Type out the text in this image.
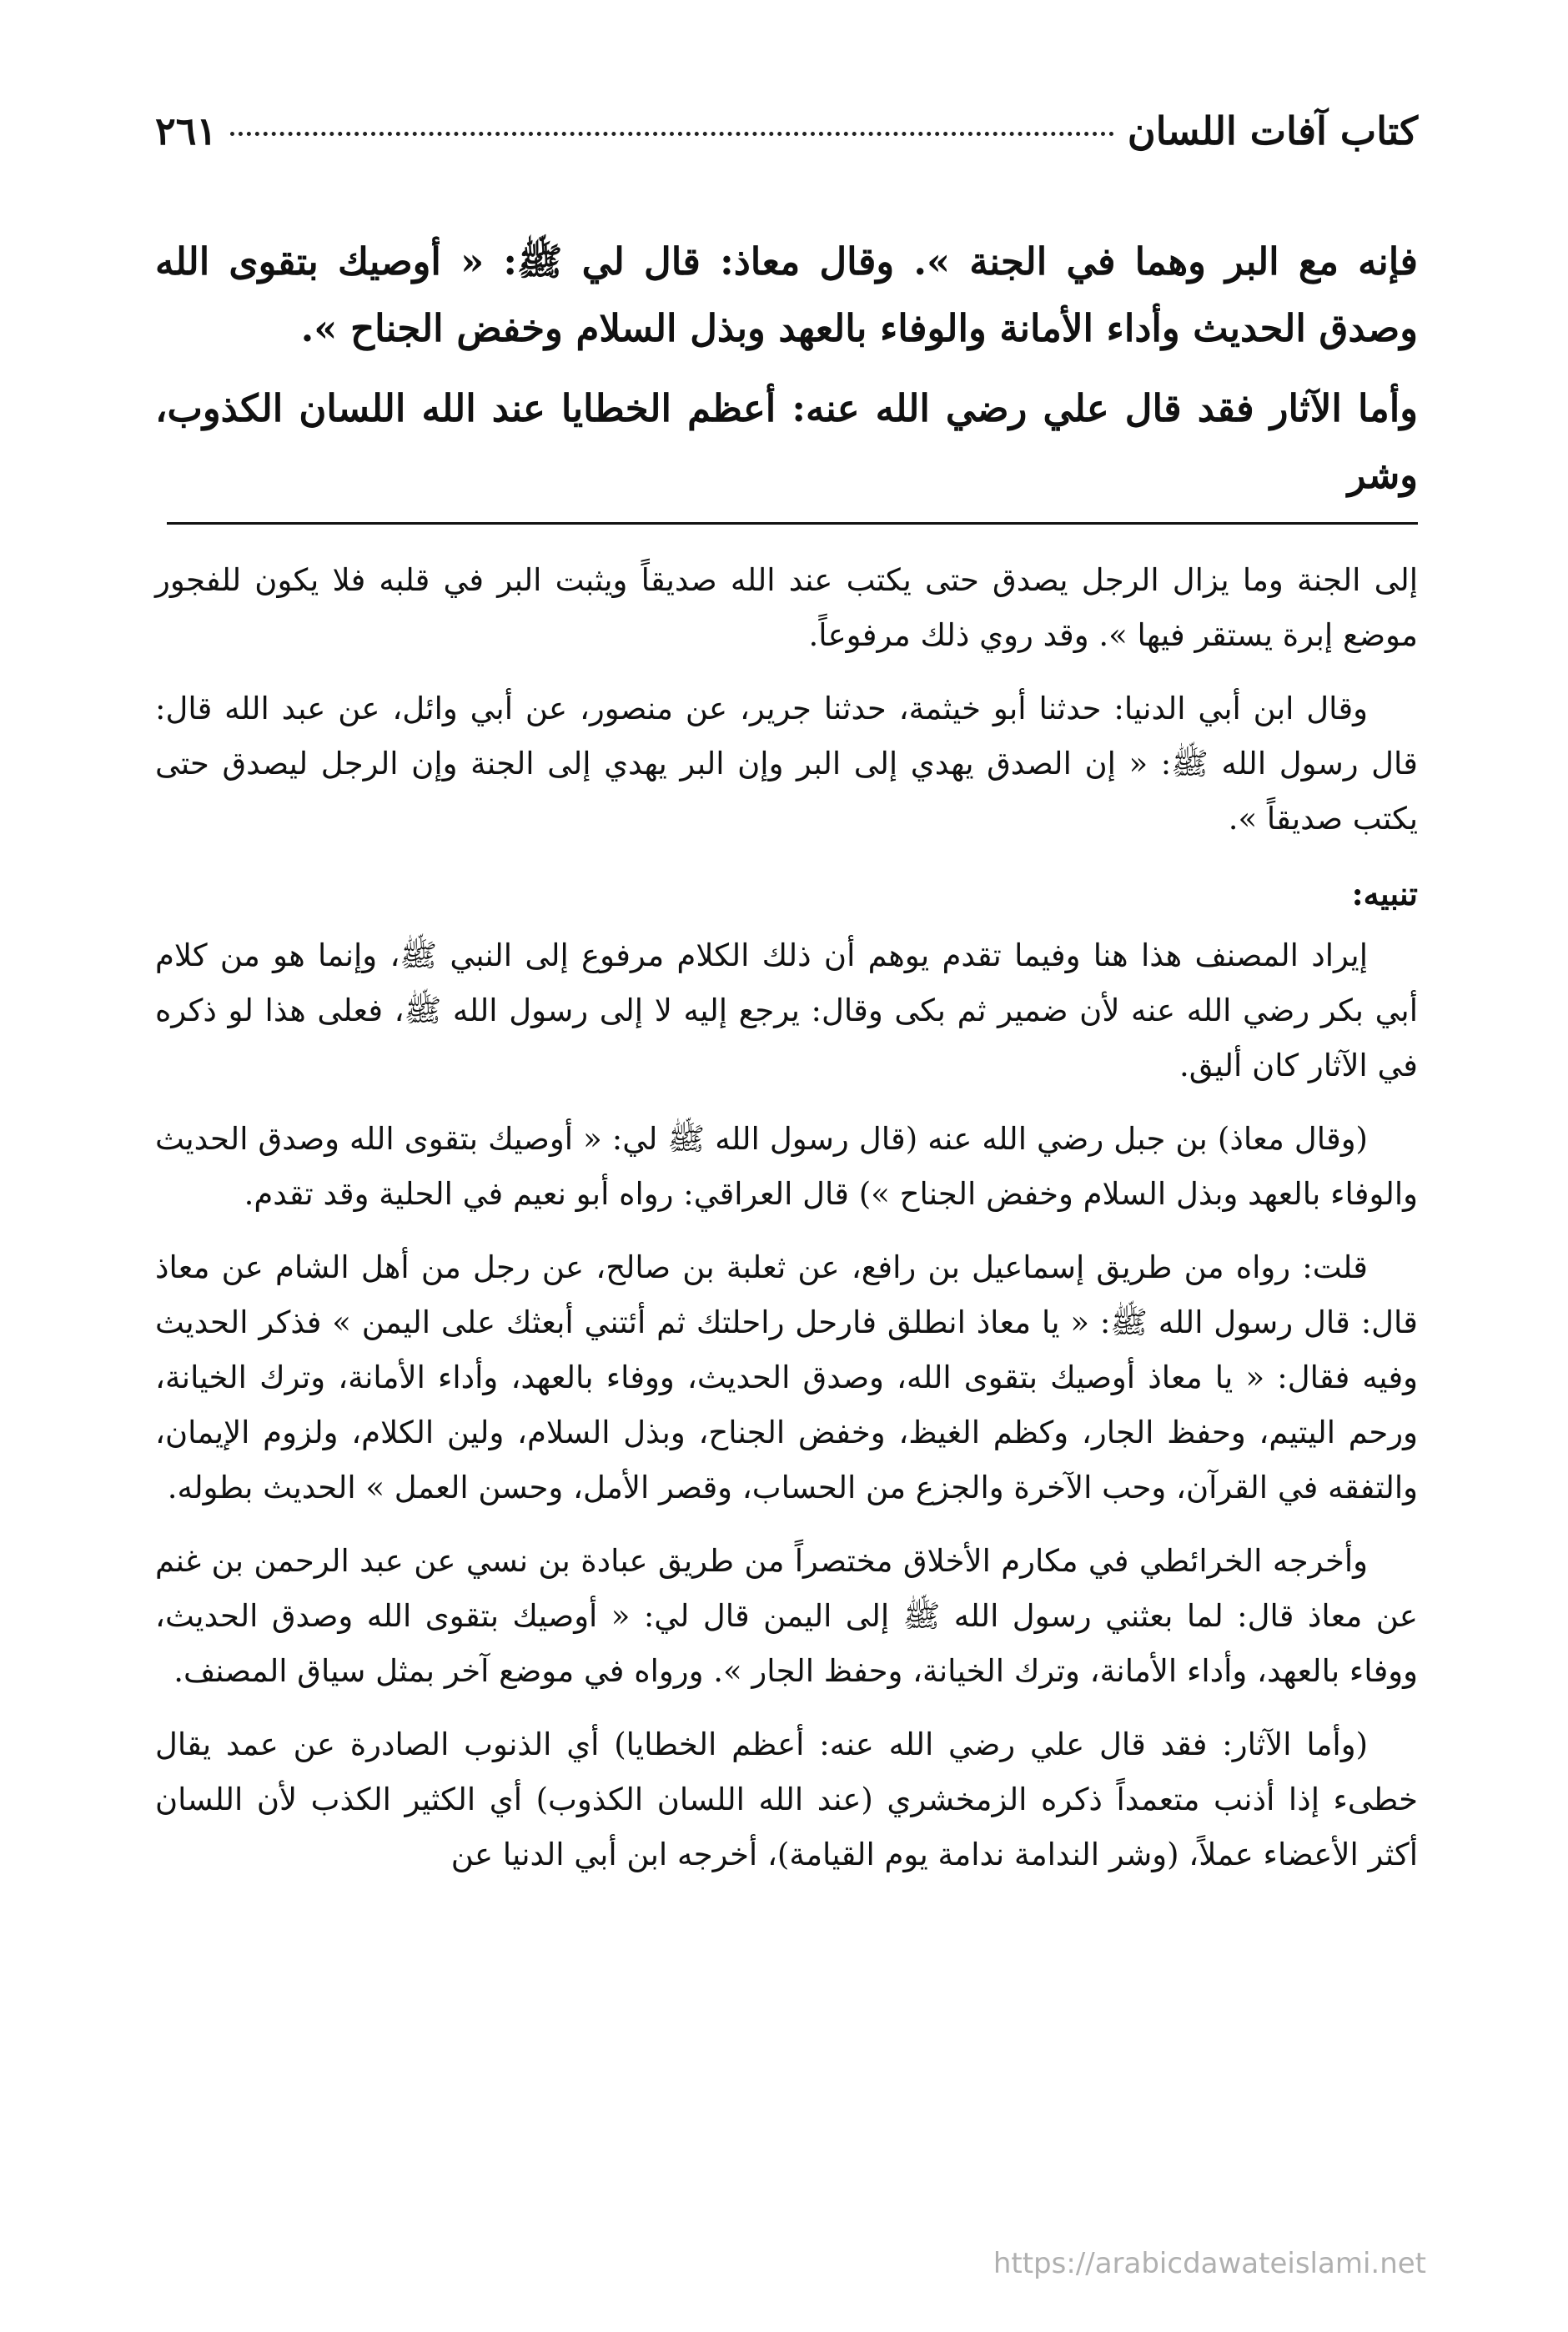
كتاب آفات اللسان
٢٦١

فإنه مع البر وهما في الجنة ». وقال معاذ: قال لي ﷺ: « أوصيك بتقوى الله وصدق الحديث وأداء الأمانة والوفاء بالعهد وبذل السلام وخفض الجناح ».

وأما الآثار فقد قال علي رضي الله عنه: أعظم الخطايا عند الله اللسان الكذوب، وشر

إلى الجنة وما يزال الرجل يصدق حتى يكتب عند الله صديقاً ويثبت البر في قلبه فلا يكون للفجور موضع إبرة يستقر فيها ». وقد روي ذلك مرفوعاً.

وقال ابن أبي الدنيا: حدثنا أبو خيثمة، حدثنا جرير، عن منصور، عن أبي وائل، عن عبد الله قال: قال رسول الله ﷺ: « إن الصدق يهدي إلى البر وإن البر يهدي إلى الجنة وإن الرجل ليصدق حتى يكتب صديقاً ».

تنبيه:

إيراد المصنف هذا هنا وفيما تقدم يوهم أن ذلك الكلام مرفوع إلى النبي ﷺ، وإنما هو من كلام أبي بكر رضي الله عنه لأن ضمير ثم بكى وقال: يرجع إليه لا إلى رسول الله ﷺ، فعلى هذا لو ذكره في الآثار كان أليق.

(وقال معاذ) بن جبل رضي الله عنه (قال رسول الله ﷺ لي: « أوصيك بتقوى الله وصدق الحديث والوفاء بالعهد وبذل السلام وخفض الجناح ») قال العراقي: رواه أبو نعيم في الحلية وقد تقدم.

قلت: رواه من طريق إسماعيل بن رافع، عن ثعلبة بن صالح، عن رجل من أهل الشام عن معاذ قال: قال رسول الله ﷺ: « يا معاذ انطلق فارحل راحلتك ثم أئتني أبعثك على اليمن » فذكر الحديث وفيه فقال: « يا معاذ أوصيك بتقوى الله، وصدق الحديث، ووفاء بالعهد، وأداء الأمانة، وترك الخيانة، ورحم اليتيم، وحفظ الجار، وكظم الغيظ، وخفض الجناح، وبذل السلام، ولين الكلام، ولزوم الإيمان، والتفقه في القرآن، وحب الآخرة والجزع من الحساب، وقصر الأمل، وحسن العمل » الحديث بطوله.

وأخرجه الخرائطي في مكارم الأخلاق مختصراً من طريق عبادة بن نسي عن عبد الرحمن بن غنم عن معاذ قال: لما بعثني رسول الله ﷺ إلى اليمن قال لي: « أوصيك بتقوى الله وصدق الحديث، ووفاء بالعهد، وأداء الأمانة، وترك الخيانة، وحفظ الجار ». ورواه في موضع آخر بمثل سياق المصنف.

(وأما الآثار: فقد قال علي رضي الله عنه: أعظم الخطايا) أي الذنوب الصادرة عن عمد يقال خطىء إذا أذنب متعمداً ذكره الزمخشري (عند الله اللسان الكذوب) أي الكثير الكذب لأن اللسان أكثر الأعضاء عملاً، (وشر الندامة ندامة يوم القيامة)، أخرجه ابن أبي الدنيا عن

https://arabicdawateislami.net
